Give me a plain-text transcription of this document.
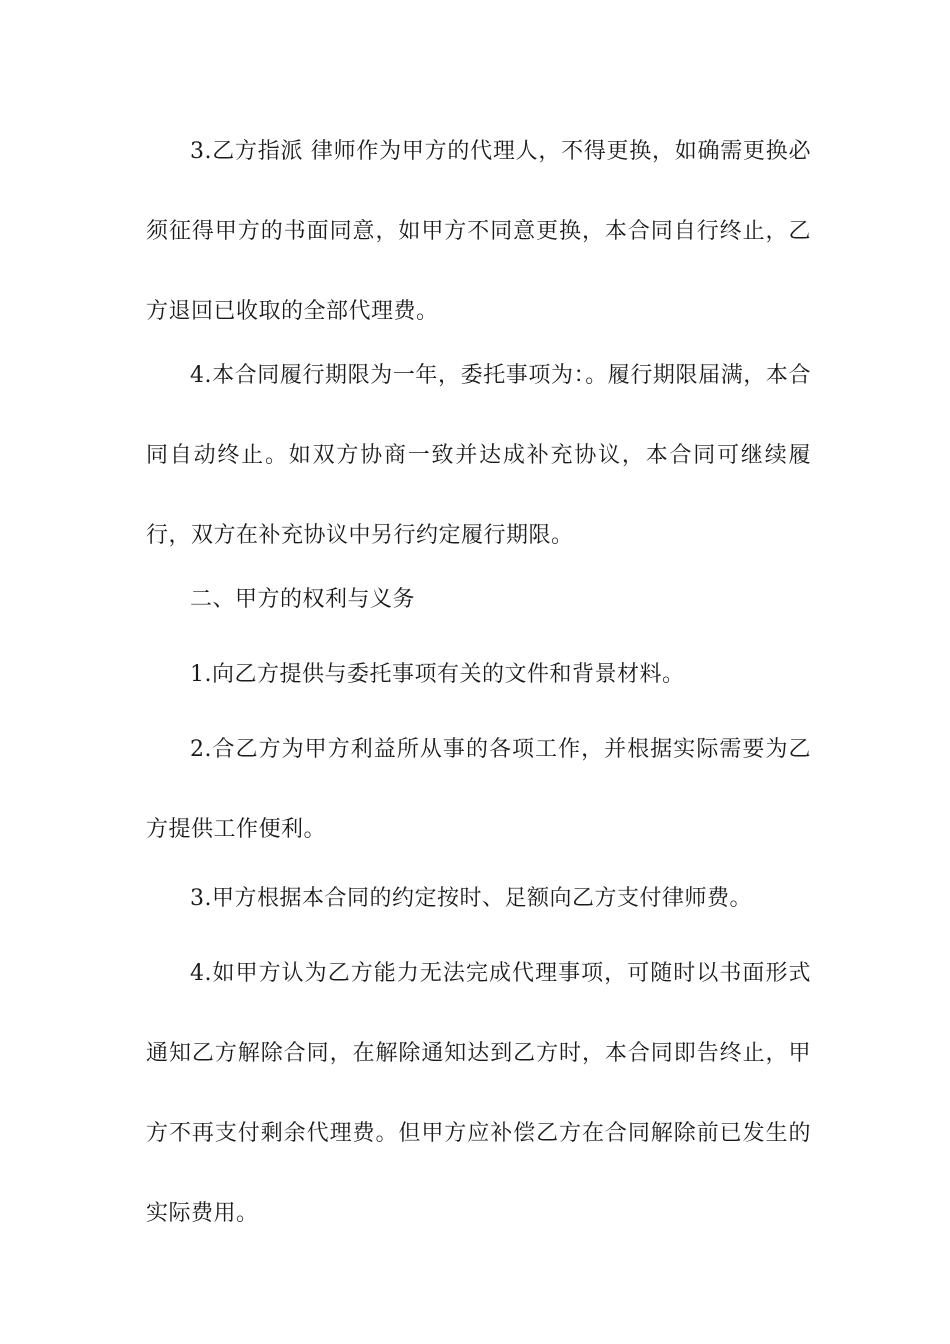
3.乙方指派 律师作为甲方的代理人，不得更换，如确需更换必须征得甲方的书面同意，如甲方不同意更换，本合同自行终止，乙方退回已收取的全部代理费。

4.本合同履行期限为一年，委托事项为：。履行期限届满，本合同自动终止。如双方协商一致并达成补充协议，本合同可继续履行，双方在补充协议中另行约定履行期限。

二、甲方的权利与义务

1.向乙方提供与委托事项有关的文件和背景材料。

2.合乙方为甲方利益所从事的各项工作，并根据实际需要为乙方提供工作便利。

3.甲方根据本合同的约定按时、足额向乙方支付律师费。

4.如甲方认为乙方能力无法完成代理事项，可随时以书面形式通知乙方解除合同，在解除通知达到乙方时，本合同即告终止，甲方不再支付剩余代理费。但甲方应补偿乙方在合同解除前已发生的实际费用。
